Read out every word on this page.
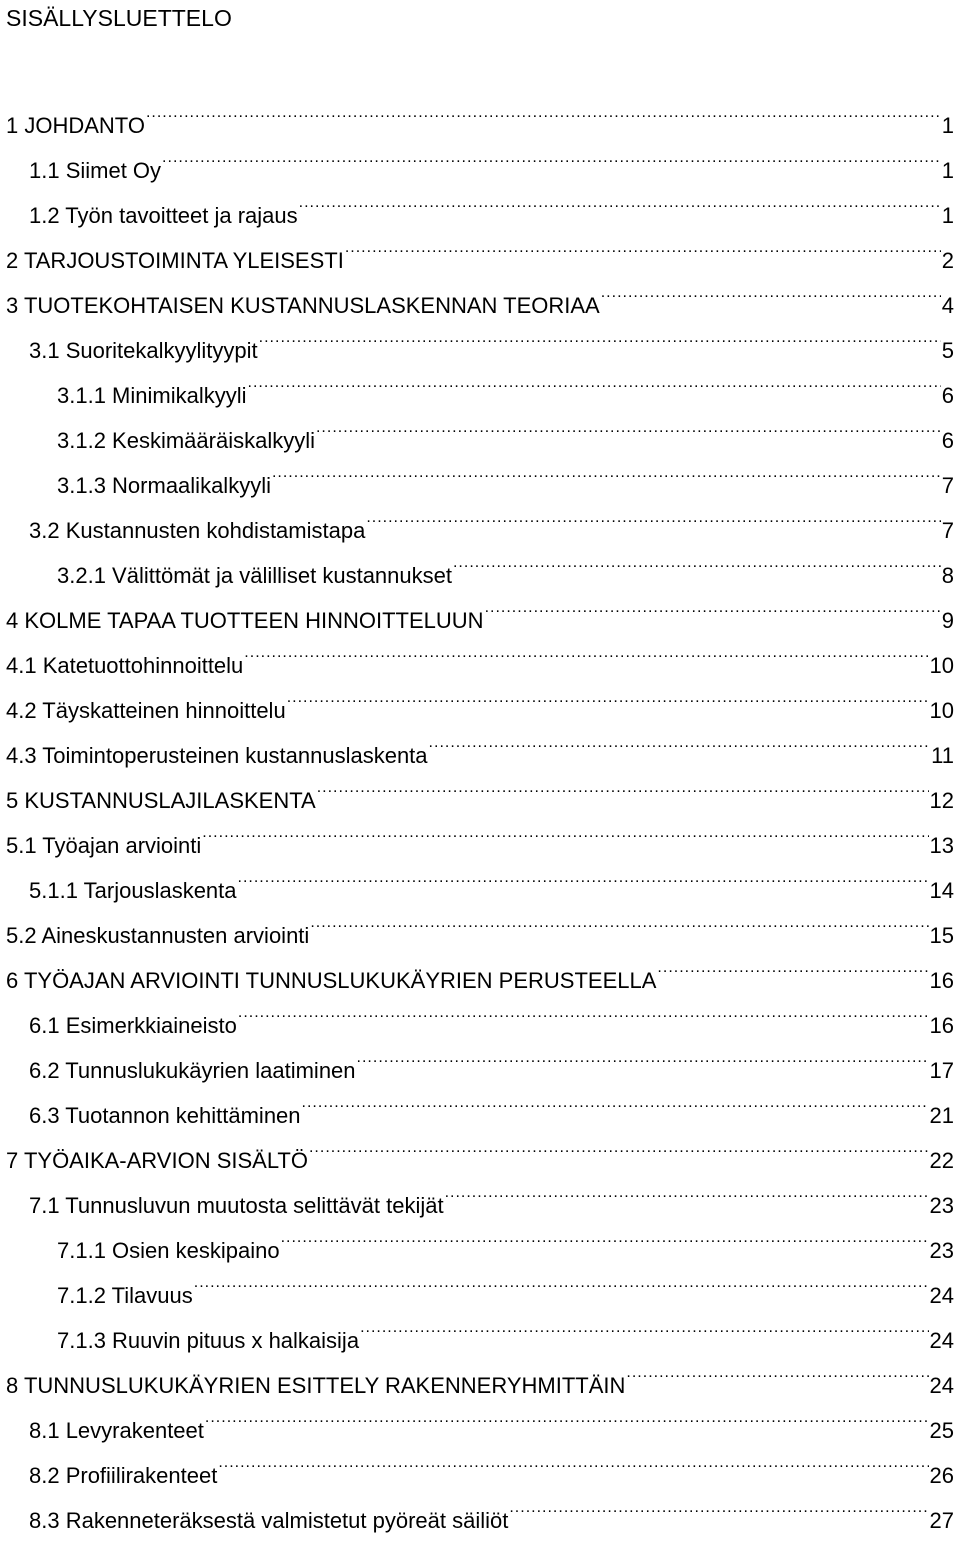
SISÄLLYSLUETTELO
1 JOHDANTO .....	1
1.1 Siimet Oy .....	1
1.2 Työn tavoitteet ja rajaus .....	1
2 TARJOUSTOIMINTA YLEISESTI .....	2
3 TUOTEKOHTAISEN KUSTANNUSLASKENNAN TEORIAA .....	4
3.1 Suoritekalkyylityypit .....	5
3.1.1 Minimikalkyyli .....	6
3.1.2 Keskimääräiskalkyyli .....	6
3.1.3 Normaalikalkyyli .....	7
3.2 Kustannusten kohdistamistapa .....	7
3.2.1 Välittömät ja välilliset kustannukset .....	8
4 KOLME TAPAA TUOTTEEN HINNOITTELUUN .....	9
4.1 Katetuottohinnoittelu .....	10
4.2 Täyskatteinen hinnoittelu .....	10
4.3 Toimintoperusteinen kustannuslaskenta .....	11
5 KUSTANNUSLAJILASKENTA .....	12
5.1 Työajan arviointi .....	13
5.1.1 Tarjouslaskenta .....	14
5.2 Aineskustannusten arviointi .....	15
6 TYÖAJAN ARVIOINTI TUNNUSLUKUKÄYRIEN PERUSTEELLA .....	16
6.1 Esimerkkiaineisto .....	16
6.2 Tunnuslukukäyrien laatiminen .....	17
6.3 Tuotannon kehittäminen .....	21
7 TYÖAIKA-ARVION SISÄLTÖ .....	22
7.1 Tunnusluvun muutosta selittävät tekijät .....	23
7.1.1 Osien keskipaino .....	23
7.1.2 Tilavuus .....	24
7.1.3 Ruuvin pituus x halkaisija .....	24
8 TUNNUSLUKUKÄYRIEN ESITTELY RAKENNERYHMITTÄIN .....	24
8.1 Levyrakenteet .....	25
8.2 Profiilirakenteet .....	26
8.3 Rakenneteräksestä valmistetut pyöreät säiliöt .....	27
